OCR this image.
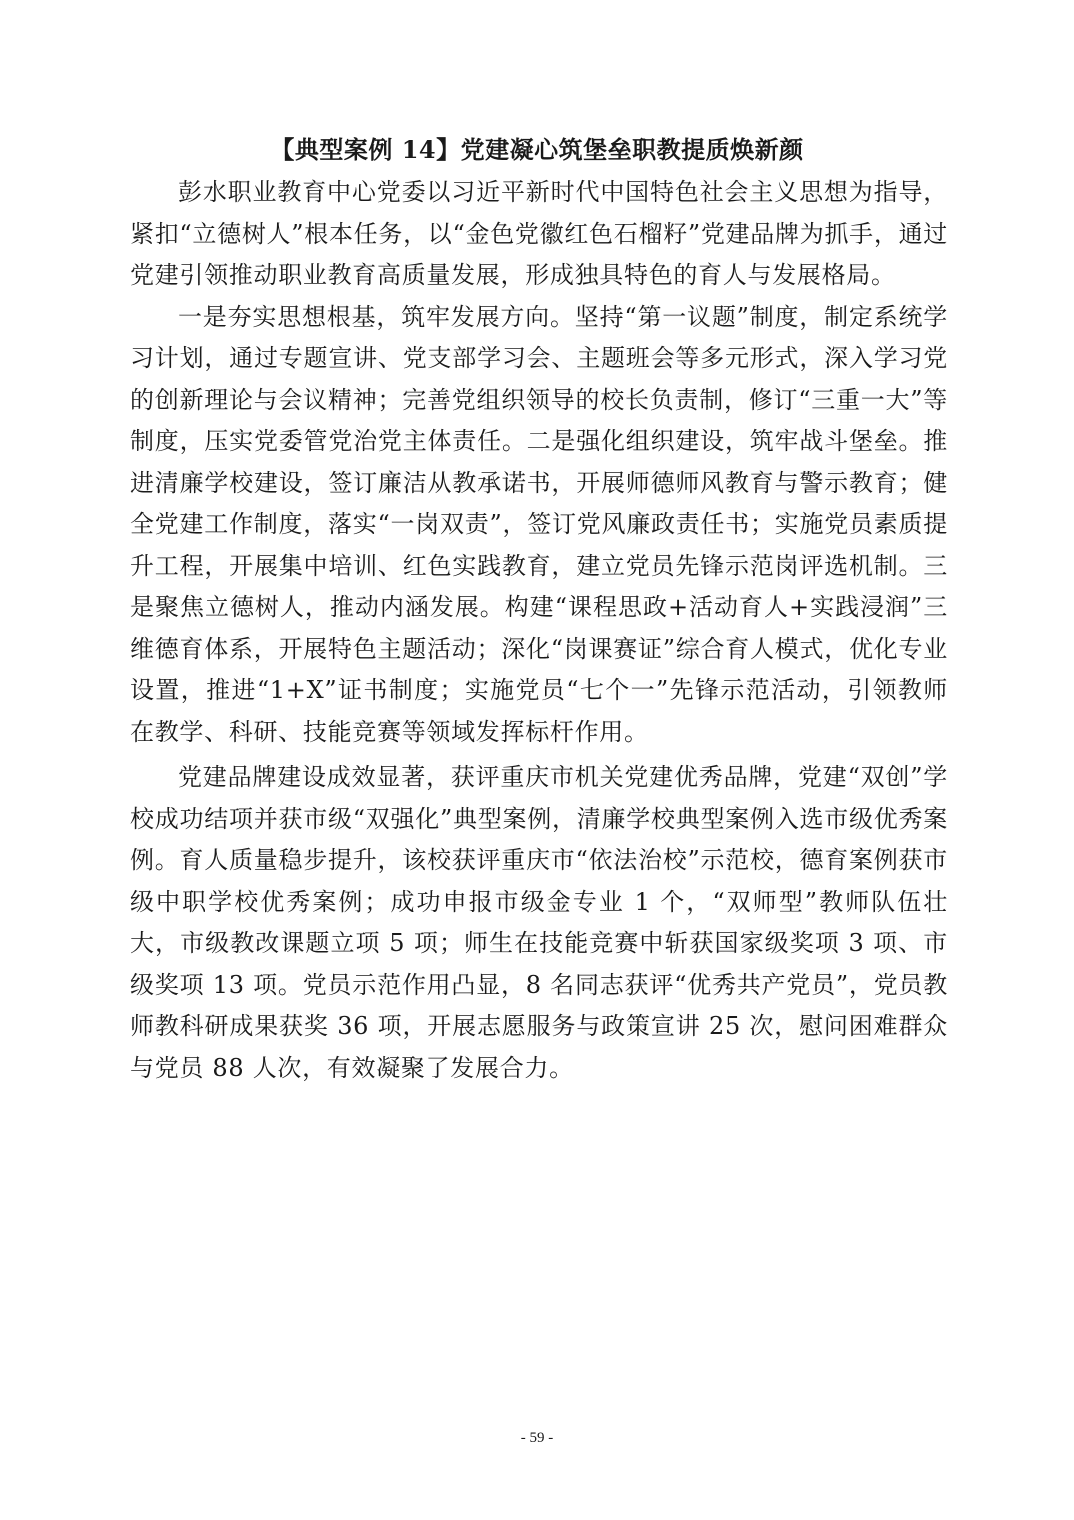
【典型案例 14】党建凝心筑堡垒职教提质焕新颜

彭水职业教育中心党委以习近平新时代中国特色社会主义思想为指导，紧扣“立德树人”根本任务，以“金色党徽红色石榴籽”党建品牌为抓手，通过党建引领推动职业教育高质量发展，形成独具特色的育人与发展格局。

一是夯实思想根基，筑牢发展方向。坚持“第一议题”制度，制定系统学习计划，通过专题宣讲、党支部学习会、主题班会等多元形式，深入学习党的创新理论与会议精神；完善党组织领导的校长负责制，修订“三重一大”等制度，压实党委管党治党主体责任。二是强化组织建设，筑牢战斗堡垒。推进清廉学校建设，签订廉洁从教承诺书，开展师德师风教育与警示教育；健全党建工作制度，落实“一岗双责”，签订党风廉政责任书；实施党员素质提升工程，开展集中培训、红色实践教育，建立党员先锋示范岗评选机制。三是聚焦立德树人，推动内涵发展。构建“课程思政+活动育人+实践浸润”三维德育体系，开展特色主题活动；深化“岗课赛证”综合育人模式，优化专业设置，推进“1+X”证书制度；实施党员“七个一”先锋示范活动，引领教师在教学、科研、技能竞赛等领域发挥标杆作用。

党建品牌建设成效显著，获评重庆市机关党建优秀品牌，党建“双创”学校成功结项并获市级“双强化”典型案例，清廉学校典型案例入选市级优秀案例。育人质量稳步提升，该校获评重庆市“依法治校”示范校，德育案例获市级中职学校优秀案例；成功申报市级金专业 1 个，“双师型”教师队伍壮大，市级教改课题立项 5 项；师生在技能竞赛中斩获国家级奖项 3 项、市级奖项 13 项。党员示范作用凸显，8 名同志获评“优秀共产党员”，党员教师教科研成果获奖 36 项，开展志愿服务与政策宣讲 25 次，慰问困难群众与党员 88 人次，有效凝聚了发展合力。

- 59 -
